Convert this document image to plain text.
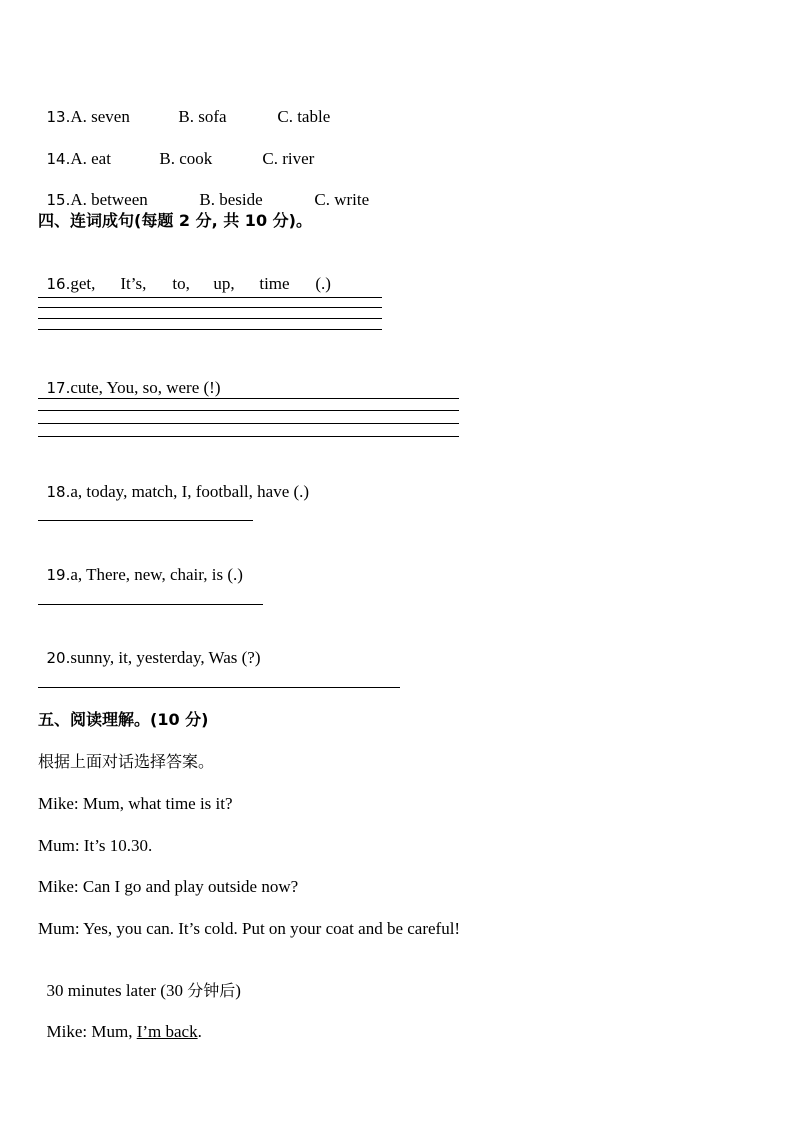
13.A. seven	B. sofa	C. table

14.A. eat	B. cook	C. river

15.A. between	B. beside	C. write

四、连词成句(每题 2 分, 共 10 分)。

16.get, It’s, to, up, time (.)

17.cute, You, so, were (!)

18.a, today, match, I, football, have (.)

19.a, There, new, chair, is (.)

20.sunny, it, yesterday, Was (?)

五、阅读理解。(10 分)
根据上面对话选择答案。
Mike: Mum, what time is it?
Mum: It’s 10.30.
Mike: Can I go and play outside now?
Mum: Yes, you can. It’s cold. Put on your coat and be careful!

30 minutes later (30 分钟后)

Mike: Mum, I’m back.
